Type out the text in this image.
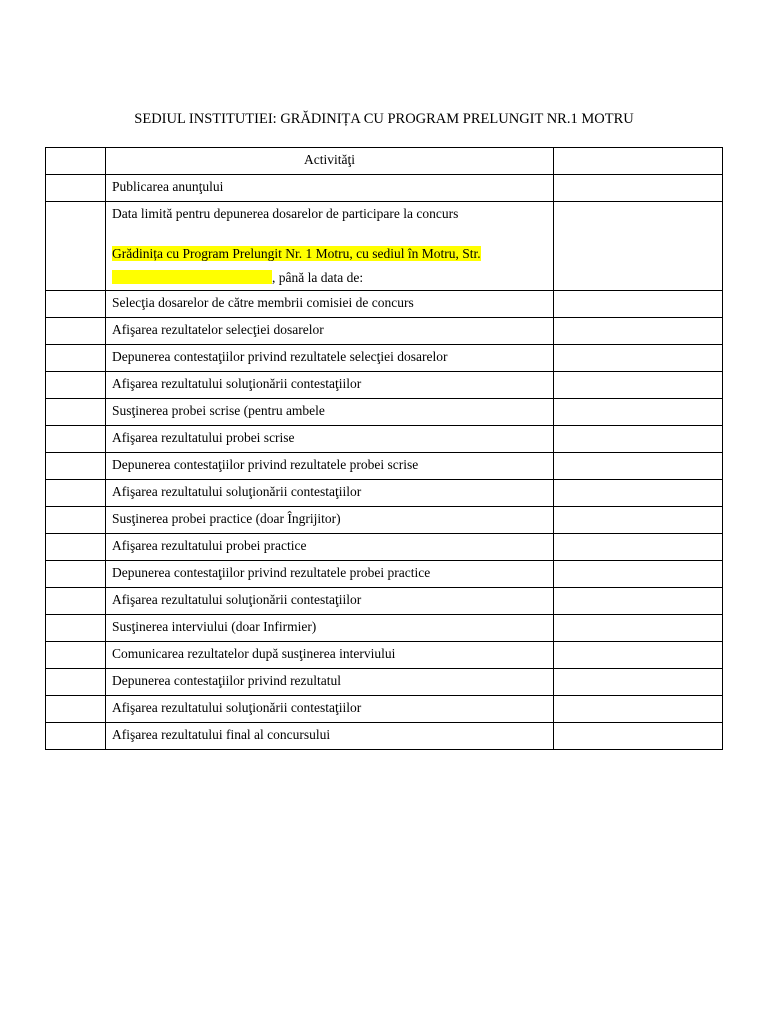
SEDIUL INSTITUTIEI: GRĂDINIȚA CU PROGRAM PRELUNGIT NR.1 MOTRU
	Activităţi	
	Publicarea anunţului	

	Data limită pentru depunerea dosarelor de participare la concurs
Grădinița cu Program Prelungit Nr. 1 Motru, cu sediul în Motru, Str.
, până la data de:	

	Selecţia dosarelor de către membrii comisiei de concurs	
	Afişarea rezultatelor selecţiei dosarelor	
	Depunerea contestaţiilor privind rezultatele selecţiei dosarelor	
	Afişarea rezultatului soluţionării contestaţiilor	
	Susţinerea probei scrise (pentru ambele	
	Afişarea rezultatului probei scrise	
	Depunerea contestaţiilor privind rezultatele probei scrise	
	Afişarea rezultatului soluţionării contestaţiilor	
	Susţinerea probei practice (doar Îngrijitor)	
	Afişarea rezultatului probei practice	
	Depunerea contestaţiilor privind rezultatele probei practice	
	Afişarea rezultatului soluţionării contestaţiilor	
	Susţinerea interviului (doar Infirmier)	
	Comunicarea rezultatelor după susţinerea interviului	
	Depunerea contestaţiilor privind rezultatul	
	Afişarea rezultatului soluţionării contestaţiilor	
	Afişarea rezultatului final al concursului	
